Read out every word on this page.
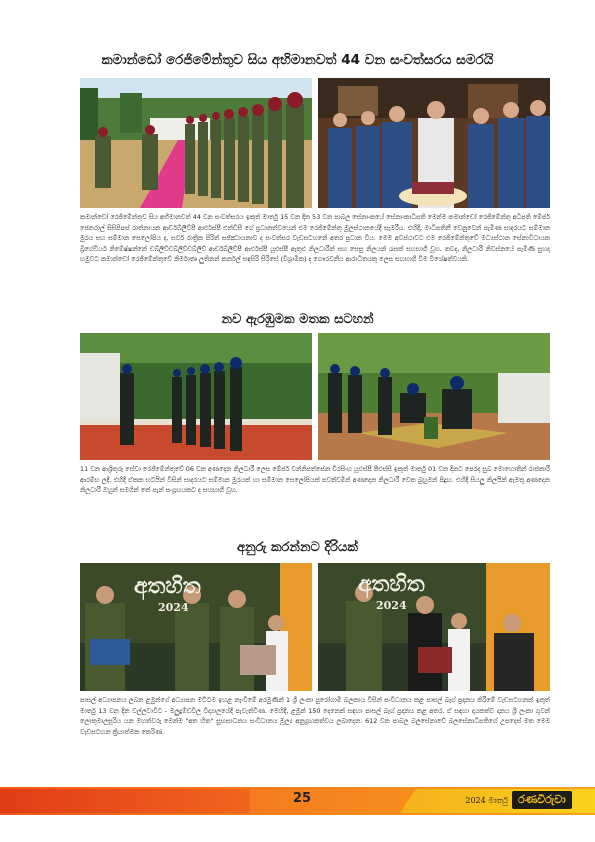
කමාන්ඩෝ රෙජිමේන්තුව සිය අභිමානවත් 44 වන සංවත්සරය සමරයි
කමාන්ඩෝ රෙජිමේන්තුව සිය අභිමානවත් 44 වන සංවත්සරය ඉකුත් මාර්තු 15 වන දින 53 වන පාබල සේනාංකයේ සේනාංකාධිපති මෙන්ම කමාන්ඩෝ රෙජිමේන්තු අධිපති මේජර් ජෙනරාල් සිසිපිපස් රාත්නායක ආර්ඩබ්ලිව්පී ආර්එස්පී එන්ඩිසී ගේ ප්‍රධානත්වයෙන් එම රෙජිමේන්තු මූලස්ථානයේදී සැමරීය. එහිදී, මාධිපතිනී වෙනුවෙන් පැමිණ සාදරයට සම්මාන මුරය සහ සම්මාන සෙලෝපිය ද, සර්ව රාත්‍රික පිරිත් සජ්ඣායනාව ද සංවත්සර වැඩසටහනේ අතර ප්‍රධාන විය. මෙම අවස්ථාවට එම රෙජිමේන්තුවේ මධ්‍යස්ථාන සේනාවිධායක බ්‍රිගේඩියර් නිමේෂ්ෂන්නේ ඩබ්ලිව්ඩබ්ලිව්ඩබ්ලිව් ආර්ඩබ්ලිව්පී ආර්එස්පී යූඑස්පී ඇතුළු නිලධාරීන් සහ සෙසු නිලයන් රැසක් සහභාගී වූහ. තවද, නිලධාරී නිවස්නයේ පැමිණි සුහද හමුවට කමාන්ඩෝ රෙජිමේන්තුවේ නිර්මාතෘ ලුතිනන් කර්නල් සඳසිරි සිරිසේ (විශ්‍රාමික) ද ගෞරවනීය ආරාධිතයකු ලෙස සහභාගී වීම විශේෂත්වයකි.
නව ඇරඹුමක මතක සටහන්
11 වන ආශ්‍රිතුරු සේවා රෙජිමේන්තුවේ 06 වන අණදෙන නිලධාරී ලෙස මේජර් වන්නිපත්සේන විරසිංහ යූඑස්පී පීඑස්සී ඉකුත් මාර්තු 01 වන දිනට පෙරදා සුබ මොහොතින් රාජකාරී ආරම්භ ලදී. එහිදී ඒකක භටයින් විසින් සාදරයට සම්මාන මුරයක් හා සම්මාන සෙලෝපියක් පවත්වමින් අණදෙන නිලධාරී වෙත බුහුමන් පිදූහ. එහිදී සියලු නිලයින් ඇමතූ අණදෙන නිලධාරී ඔහුන් සමගින් තේ පැන් සංග්‍රහයකට ද සහභාගී වූහ.
අනුරු කරන්නට දිරියක්
අතහිත
2024
අතහිත
2024
පාසල් අධ්‍යාපනය ලබන ළමුන්ගේ අධ්‍යාපන මට්ටම ඉහළ නැංවීමේ අරමුණින් 1 ශ්‍රී ලංකා පුරෝගාමී බලකාය විසින් සංවිධානය කළ පාසල් බෑග් ප්‍රදානය කිරීමේ වැඩසටහනක් ඉකුත් මාර්තු 13 වන දින වල්ලවාවිට - මලුදුම්ඩවිල විද්‍යාලයේදී පැවැත්විණ. මෙහිදී, ළමුන් 150 දෙනෙක් සඳහා පාසල් බෑග් ප්‍රදානය කළ අතර, ඒ සඳහා දායකත්ව දානය ශ්‍රී ලංකා ගුවන් ලොකුමාලඝූරිය යන මහත්වරු මෙන්ම "අත හිත" සුභසාධනය සංවිධානය මූල්‍ය අනුග්‍රහකත්වය ලබාදෙන. 612 වන පාබල බලසේනාවේ බලසේනාධිපතිගේ උපදෙස් මත මෙම වැඩසටහන ක්‍රියාත්මක කෙරිණ.
25	2024 මාර්තු රණවිරුවා
